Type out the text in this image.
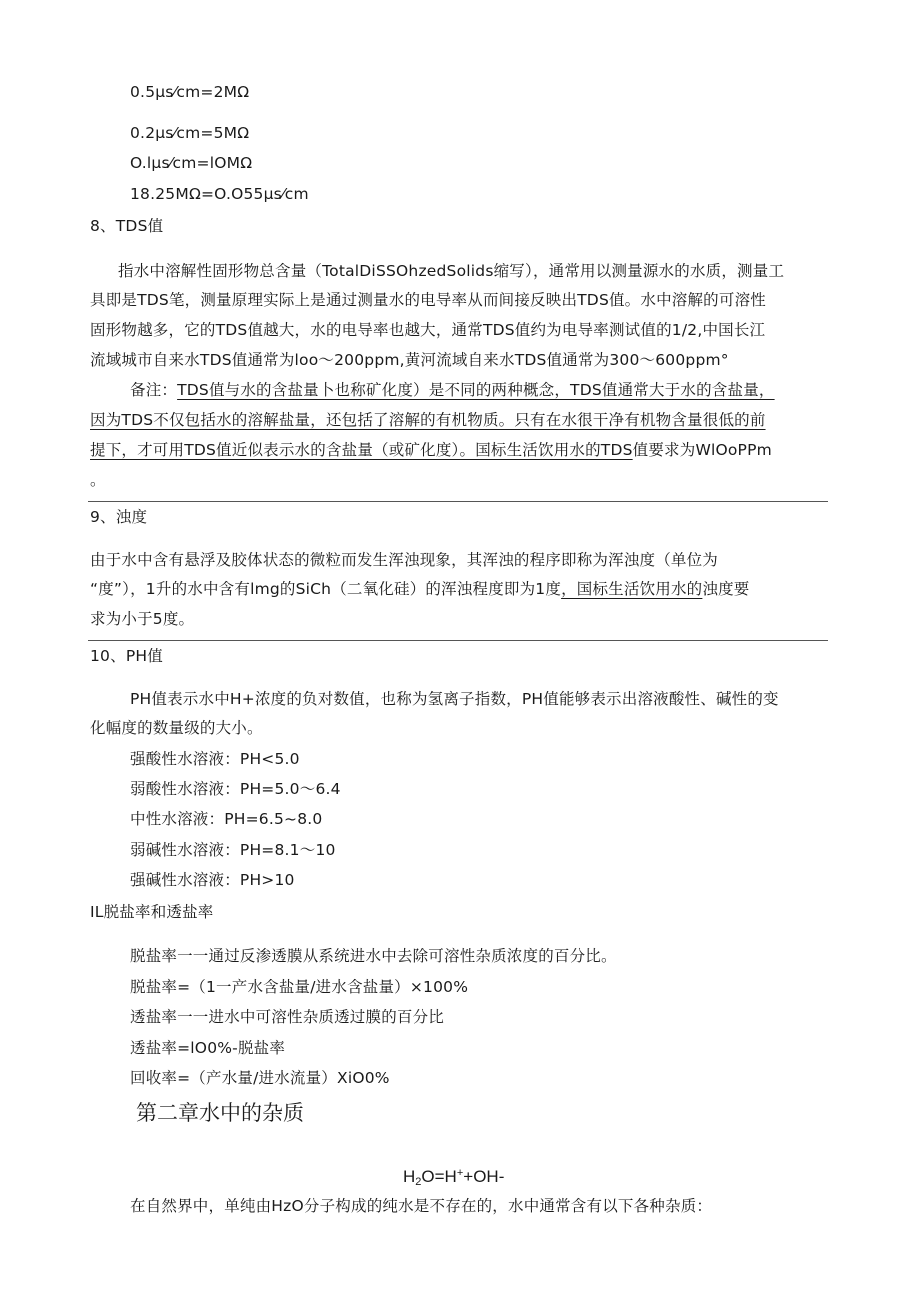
0.5μs⁄cm=2MΩ
0.2μs⁄cm=5MΩ
O.lμs⁄cm=lOMΩ
18.25MΩ=O.O55μs⁄cm
8、TDS值
指水中溶解性固形物总含量（TotalDiSSOhzedSolids缩写），通常用以测量源水的水质，测量工
具即是TDS笔，测量原理实际上是通过测量水的电导率从而间接反映出TDS值。水中溶解的可溶性
固形物越多，它的TDS值越大，水的电导率也越大，通常TDS值约为电导率测试值的1/2,中国长江
流域城市自来水TDS值通常为loo～200ppm,黄河流域自来水TDS值通常为300～600ppm°
备注：TDS值与水的含盐量卜也称矿化度）是不同的两种概念，TDS值通常大于水的含盐量，
因为TDS不仅包括水的溶解盐量，还包括了溶解的有机物质。只有在水很干净有机物含量很低的前
提下，才可用TDS值近似表示水的含盐量（或矿化度）。国标生活饮用水的TDS值要求为WlOoPPm
。
9、浊度
由于水中含有悬浮及胶体状态的微粒而发生浑浊现象，其浑浊的程序即称为浑浊度（单位为
“度”），1升的水中含有lmg的SiCh（二氧化硅）的浑浊程度即为1度，国标生活饮用水的浊度要
求为小于5度。
10、PH值
PH值表示水中H+浓度的负对数值，也称为氢离子指数，PH值能够表示出溶液酸性、碱性的变
化幅度的数量级的大小。
强酸性水溶液：PH<5.0
弱酸性水溶液：PH=5.0～6.4
中性水溶液：PH=6.5~8.0
弱碱性水溶液：PH=8.1～10
强碱性水溶液：PH>10
IL脱盐率和透盐率
脱盐率一一通过反渗透膜从系统进水中去除可溶性杂质浓度的百分比。
脱盐率=（1一产水含盐量/进水含盐量）×100%
透盐率一一进水中可溶性杂质透过膜的百分比
透盐率=lO0%-脱盐率
回收率=（产水量/进水流量）XiO0%
第二章水中的杂质
$H_2O=H^++OH-$
在自然界中，单纯由HzO分子构成的纯水是不存在的，水中通常含有以下各种杂质：
